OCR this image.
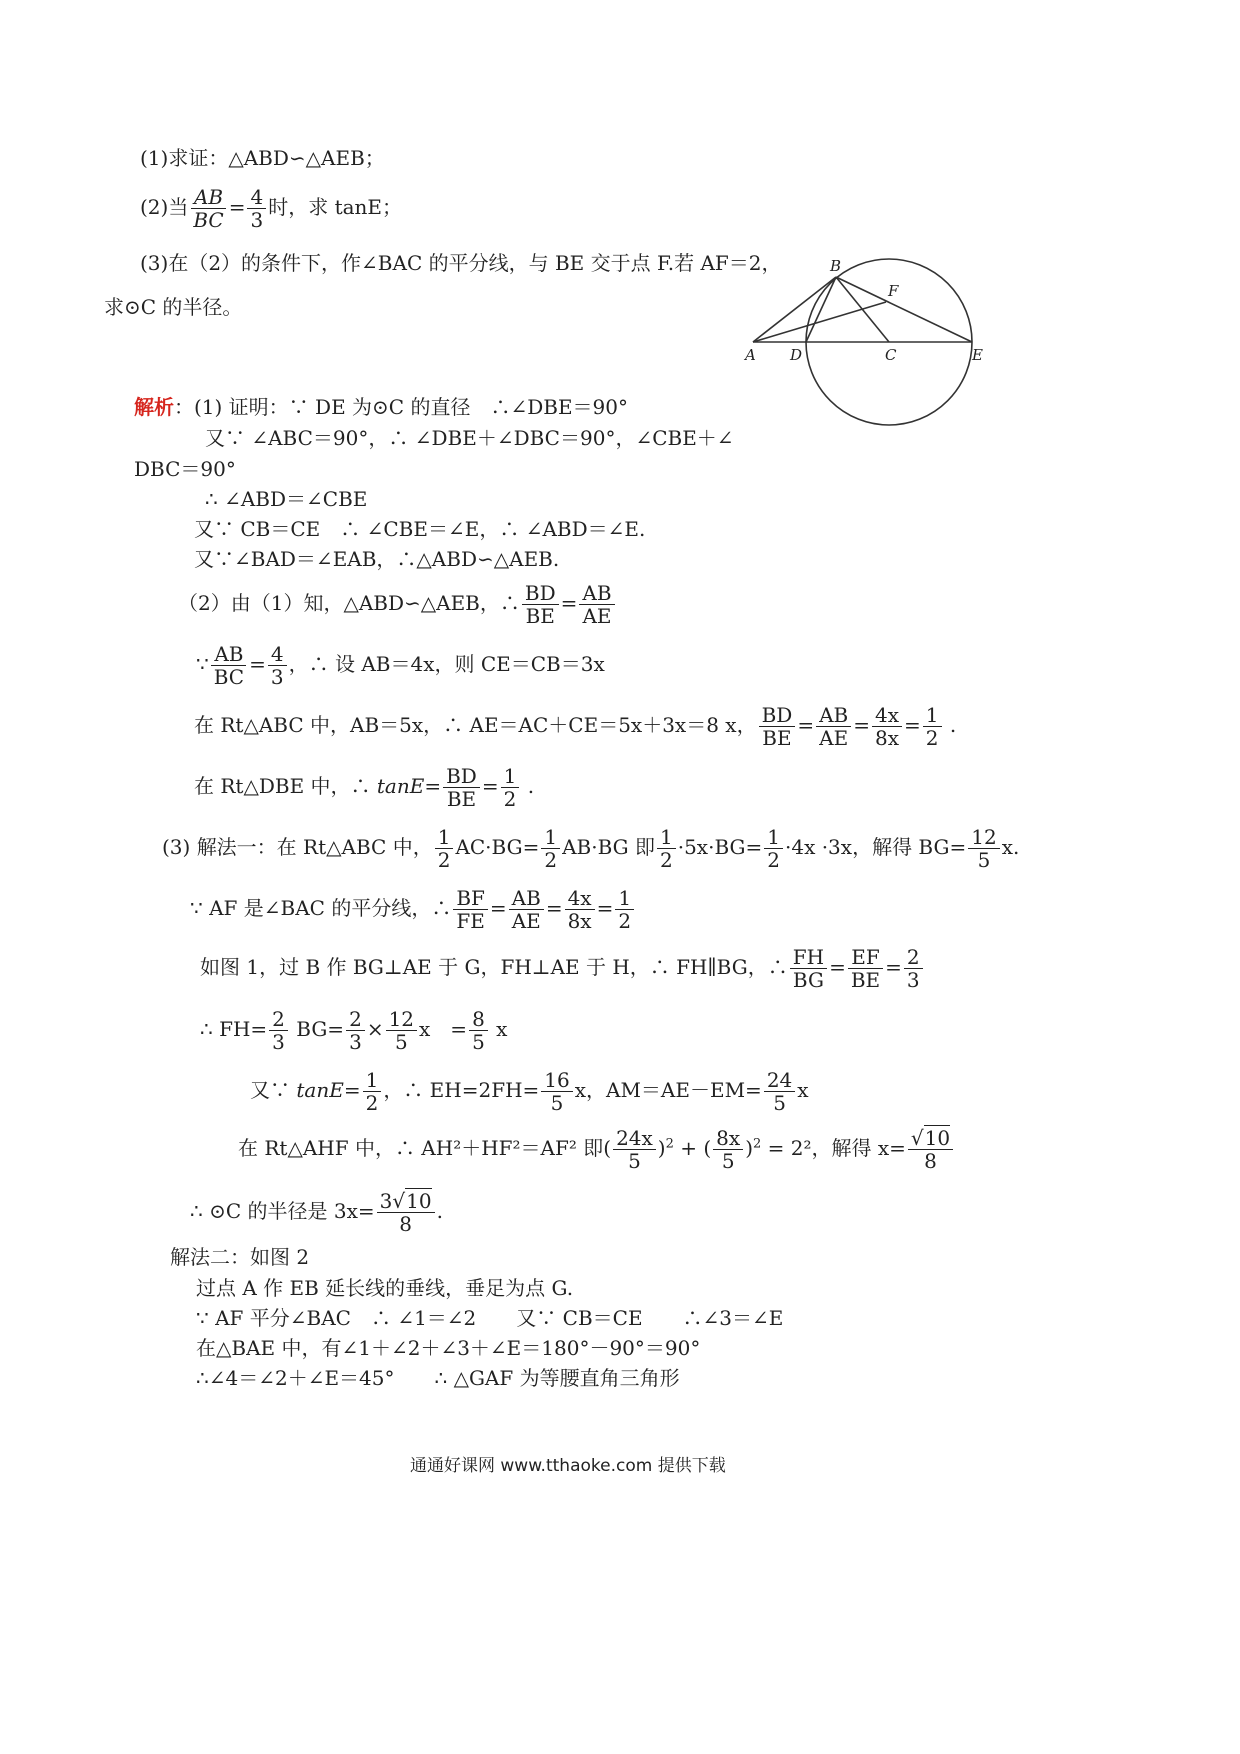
(1)求证：△ABD∽△AEB；
(2)当 $\frac{AB}{BC} = \frac{4}{3}$ 时，求 tanE；
(3)在（2）的条件下，作∠BAC 的平分线，与 BE 交于点 F.若 AF＝2，
求⊙C 的半径。
B
F
A D	C	E
解析：(1) 证明：∵ DE 为⊙C 的直径　∴∠DBE＝90°
又∵ ∠ABC＝90°，∴ ∠DBE＋∠DBC＝90°，∠CBE＋∠
DBC＝90°
∴ ∠ABD＝∠CBE
又∵ CB＝CE　∴ ∠CBE＝∠E，∴ ∠ABD＝∠E.
又∵∠BAD＝∠EAB，∴△ABD∽△AEB.
（2）由（1）知，△ABD∽△AEB，∴ $\frac{BD}{BE} = \frac{AB}{AE}$
∵ $\frac{AB}{BC} = \frac{4}{3}$ ，∴ 设 AB＝4x，则 CE＝CB＝3x
在 Rt△ABC 中，AB＝5x，∴ AE＝AC＋CE＝5x＋3x＝8 x， $\frac{BD}{BE} = \frac{AB}{AE} = \frac{4x}{8x} = \frac{1}{2}$ .
在 Rt△DBE 中，∴ $\tan E= \frac{BD}{BE} = \frac{1}{2}$ .
(3) 解法一：在 Rt△ABC 中， $\frac{1}{2} AC\cdot BG= \frac{1}{2} AB\cdot BG$ 即 $\frac{1}{2} \cdot 5x\cdot BG= \frac{1}{2} \cdot 4x \cdot 3x$，解得 $BG= \frac{12}{5} x$.
∵ AF 是∠BAC 的平分线，∴ $\frac{BF}{FE} = \frac{AB}{AE} = \frac{4x}{8x} = \frac{1}{2}$
如图 1，过 B 作 BG⊥AE 于 G，FH⊥AE 于 H，∴ FH∥BG，∴ $\frac{FH}{BG} = \frac{EF}{BE} = \frac{2}{3}$
∴ $FH= \frac{2}{3} BG= \frac{2}{3} \times \frac{12}{5}$ x　= $\frac{8}{5}$ x
又∵ $\tan E= \frac{1}{2}$ ，∴ $EH=2FH= \frac{16}{5}$ x，$AM=AE-EM= \frac{24}{5}$ x
在 Rt△AHF 中，∴ AH²＋HF²＝AF² 即( $\frac{24x}{5} )^2$ + ( $\frac{8x}{5} )^2 = 2^2$，解得 $x= \frac{√10}{8}$
∴ ⊙C 的半径是 $3x= \frac{3√10}{8}$ .
解法二：如图 2
过点 A 作 EB 延长线的垂线，垂足为点 G.
∵ AF 平分∠BAC　∴ ∠1＝∠2　　又∵ CB＝CE　　∴∠3＝∠E
在△BAE 中，有∠1＋∠2＋∠3＋∠E＝180°－90°＝90°
∴∠4＝∠2＋∠E＝45°　　∴ △GAF 为等腰直角三角形
通通好课网 www.tthaoke.com 提供下载
